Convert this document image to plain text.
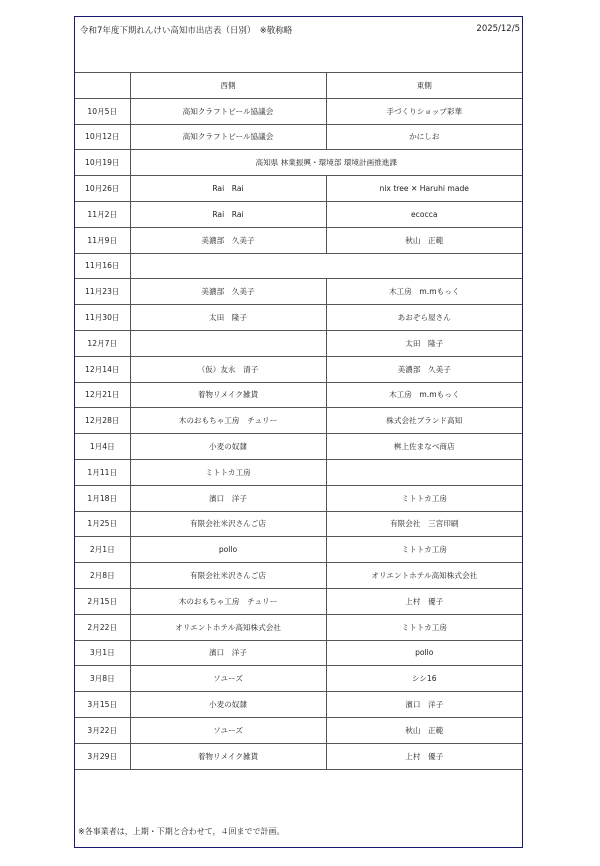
令和7年度下期れんけい高知市出店表（日別）　※敬称略	2025/12/5
	西側	東側
10月5日	高知クラフトビール協議会	手づくりショップ彩華
10月12日	高知クラフトビール協議会	かにしお
10月19日	高知県 林業振興・環境部 環境計画推進課	
10月26日	Rai　Rai	nix tree ✕ Haruhi made
11月2日	Rai　Rai	ecocca
11月9日	美濃部　久美子	秋山　正範
11月16日		
11月23日	美濃部　久美子	木工房　m.mもっく
11月30日	太田　隆子	あおぞら屋さん
12月7日		太田　隆子
12月14日	（仮）友永　清子	美濃部　久美子
12月21日	着物リメイク雑貨	木工房　m.mもっく
12月28日	木のおもちゃ工房　チュリー	株式会社ブランド高知
1月4日	小麦の奴隷	桝上佐まなべ商店
1月11日	ミトトカ工房	
1月18日	濱口　洋子	ミトトカ工房
1月25日	有限会社米沢さんご店	有限会社　三宮印刷
2月1日	pollo	ミトトカ工房
2月8日	有限会社米沢さんご店	オリエントホテル高知株式会社
2月15日	木のおもちゃ工房　チュリー	上村　優子
2月22日	オリエントホテル高知株式会社	ミトトカ工房
3月1日	濱口　洋子	pollo
3月8日	ソユーズ	シシ16
3月15日	小麦の奴隷	濱口　洋子
3月22日	ソユーズ	秋山　正範
3月29日	着物リメイク雑貨	上村　優子
※各事業者は，上期・下期と合わせて，４回までで計画。
